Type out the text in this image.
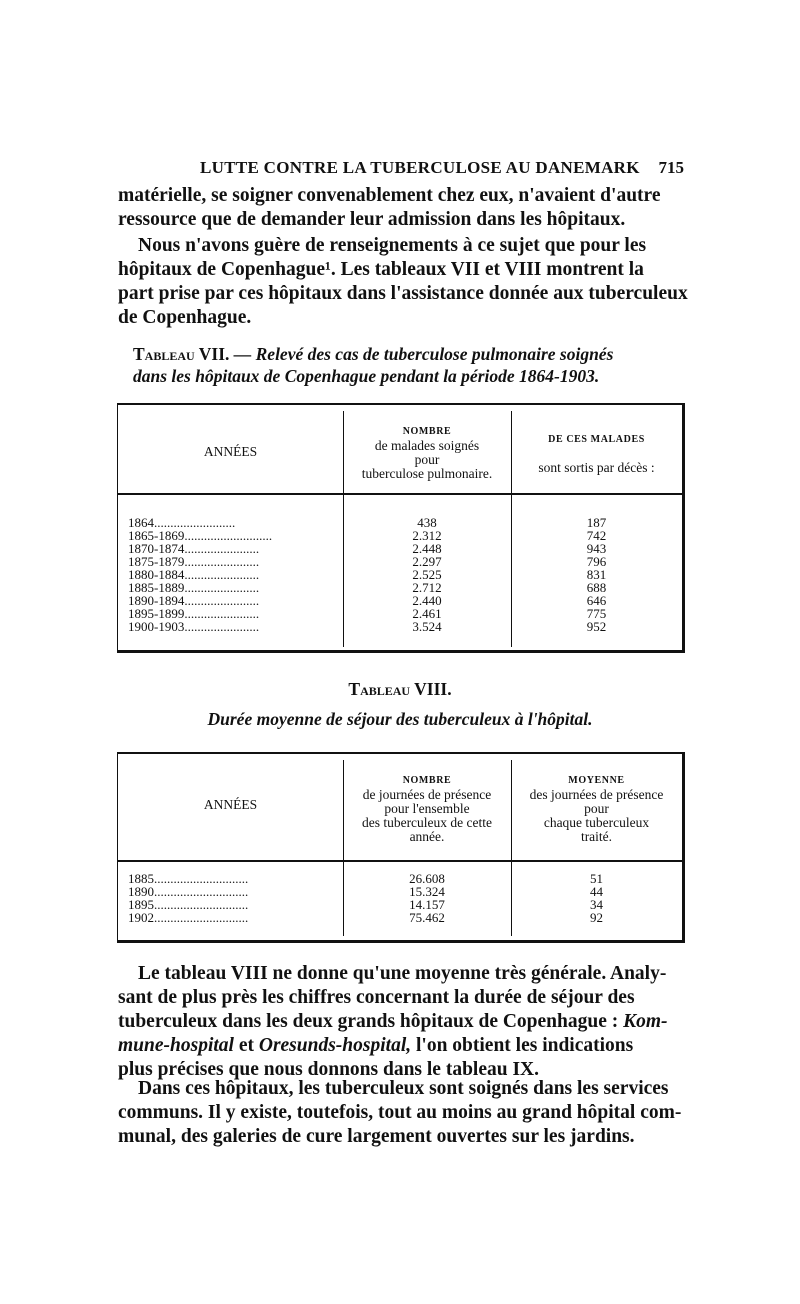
LUTTE CONTRE LA TUBERCULOSE AU DANEMARK 715
matérielle, se soigner convenablement chez eux, n'avaient d'autre
ressource que de demander leur admission dans les hôpitaux.
Nous n'avons guère de renseignements à ce sujet que pour les
hôpitaux de Copenhague¹. Les tableaux VII et VIII montrent la
part prise par ces hôpitaux dans l'assistance donnée aux tuberculeux
de Copenhague.
Tableau VII. — Relevé des cas de tuberculose pulmonaire soignés
dans les hôpitaux de Copenhague pendant la période 1864-1903.
ANNÉES
NOMBRE
de malades soignés
pour
tuberculose pulmonaire.
DE CES MALADES
sont sortis par décès :
1864.........................
1865-1869...........................
1870-1874.......................
1875-1879.......................
1880-1884.......................
1885-1889.......................
1890-1894.......................
1895-1899.......................
1900-1903.......................
438
2.312
2.448
2.297
2.525
2.712
2.440
2.461
3.524
187
742
943
796
831
688
646
775
952
Tableau VIII.
Durée moyenne de séjour des tuberculeux à l'hôpital.
ANNÉES
NOMBRE
de journées de présence
pour l'ensemble
des tuberculeux de cette
année.
MOYENNE
des journées de présence
pour
chaque tuberculeux
traité.
1885.............................
1890.............................
1895.............................
1902.............................
26.608
15.324
14.157
75.462
51
44
34
92
Le tableau VIII ne donne qu'une moyenne très générale. Analy-
sant de plus près les chiffres concernant la durée de séjour des
tuberculeux dans les deux grands hôpitaux de Copenhague : Kom-
mune-hospital et Oresunds-hospital, l'on obtient les indications
plus précises que nous donnons dans le tableau IX.
Dans ces hôpitaux, les tuberculeux sont soignés dans les services
communs. Il y existe, toutefois, tout au moins au grand hôpital com-
munal, des galeries de cure largement ouvertes sur les jardins.
